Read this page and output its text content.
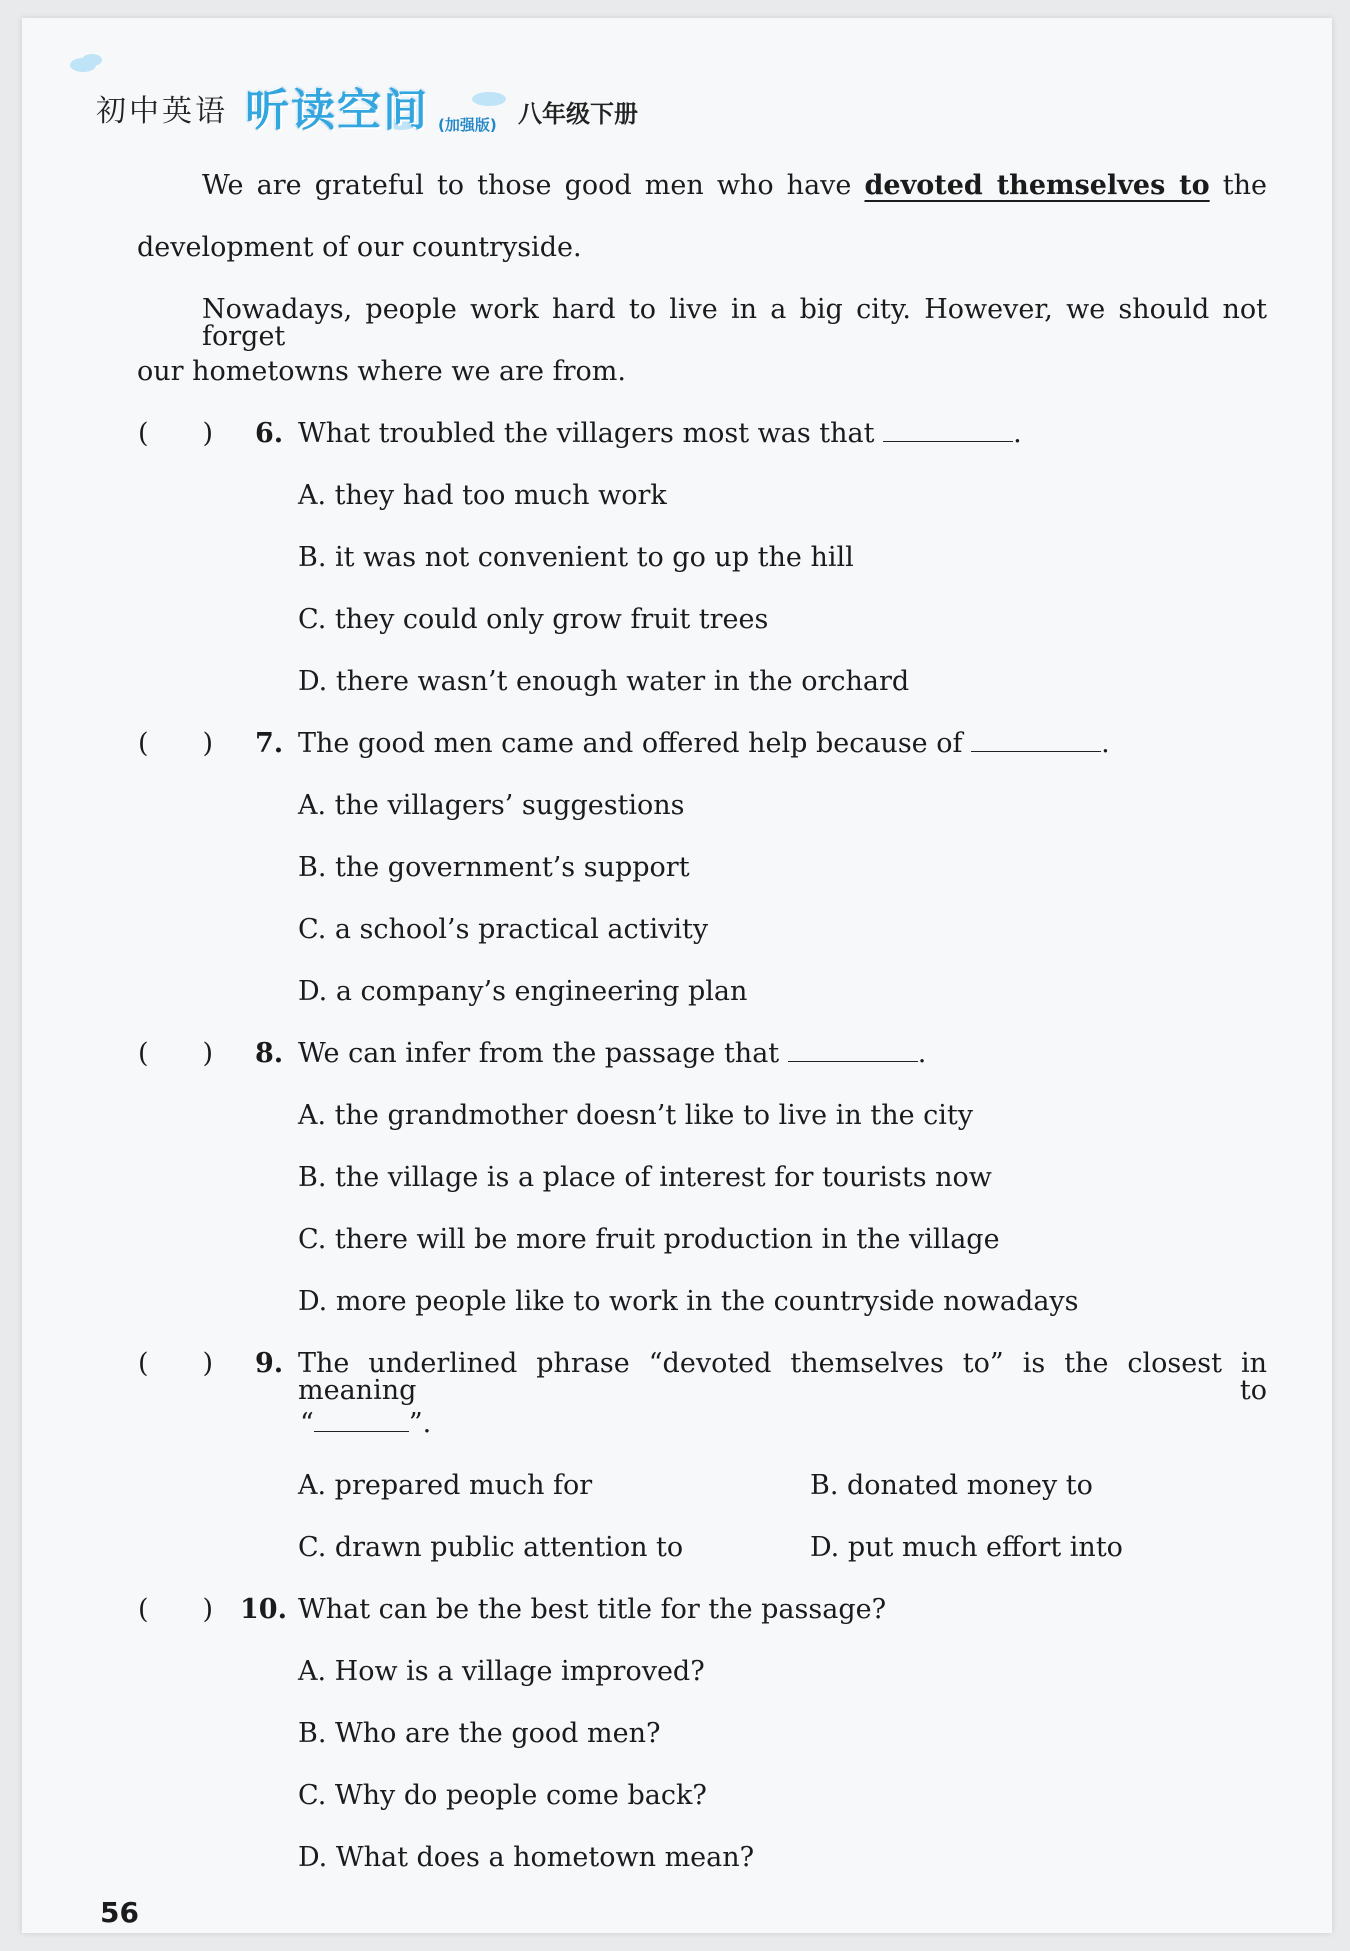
初中英语 听读空间 (加强版) 八年级下册
We are grateful to those good men who have devoted themselves to the
development of our countryside.
Nowadays, people work hard to live in a big city. However, we should not forget
our hometowns where we are from.
(　　) 6. What troubled the villagers most was that	.
A. they had too much work
B. it was not convenient to go up the hill
C. they could only grow fruit trees
D. there wasn’t enough water in the orchard
(　　) 7. The good men came and offered help because of	.
A. the villagers’ suggestions
B. the government’s support
C. a school’s practical activity
D. a company’s engineering plan
(　　) 8. We can infer from the passage that	.
A. the grandmother doesn’t like to live in the city
B. the village is a place of interest for tourists now
C. there will be more fruit production in the village
D. more people like to work in the countryside nowadays
(　　) 9. The underlined phrase “devoted themselves to” is the closest in meaning to
“	”.
A. prepared much for	B. donated money to
C. drawn public attention to	D. put much effort into
(　　) 10. What can be the best title for the passage?
A. How is a village improved?
B. Who are the good men?
C. Why do people come back?
D. What does a hometown mean?
56
